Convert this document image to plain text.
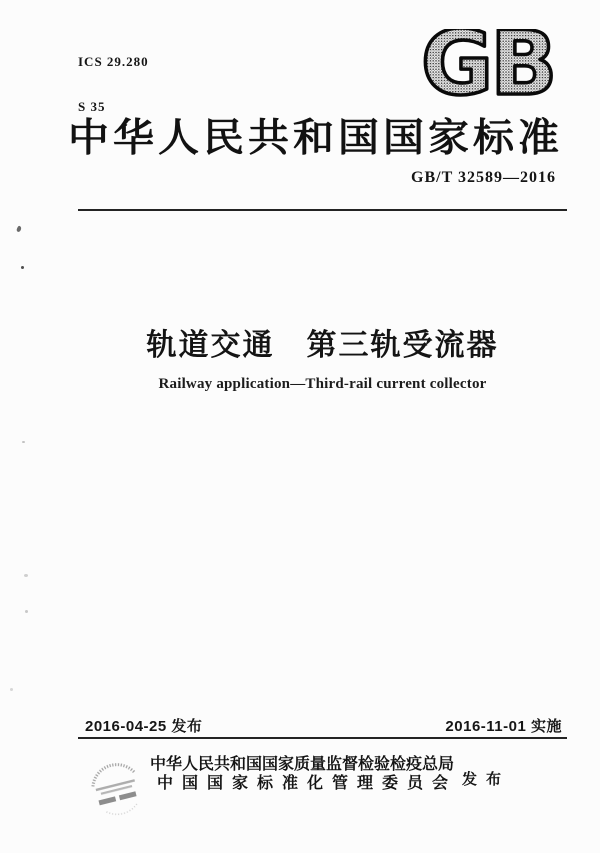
ICS 29.280

S 35

	GB
中华人民共和国国家标准
GB/T 32589—2016
轨道交通　第三轨受流器
Railway application—Third-rail current collector
2016-04-25 发布	2016-11-01 实施
中华人民共和国国家质量监督检验检疫总局
中国国家标准化管理委员会 发布
